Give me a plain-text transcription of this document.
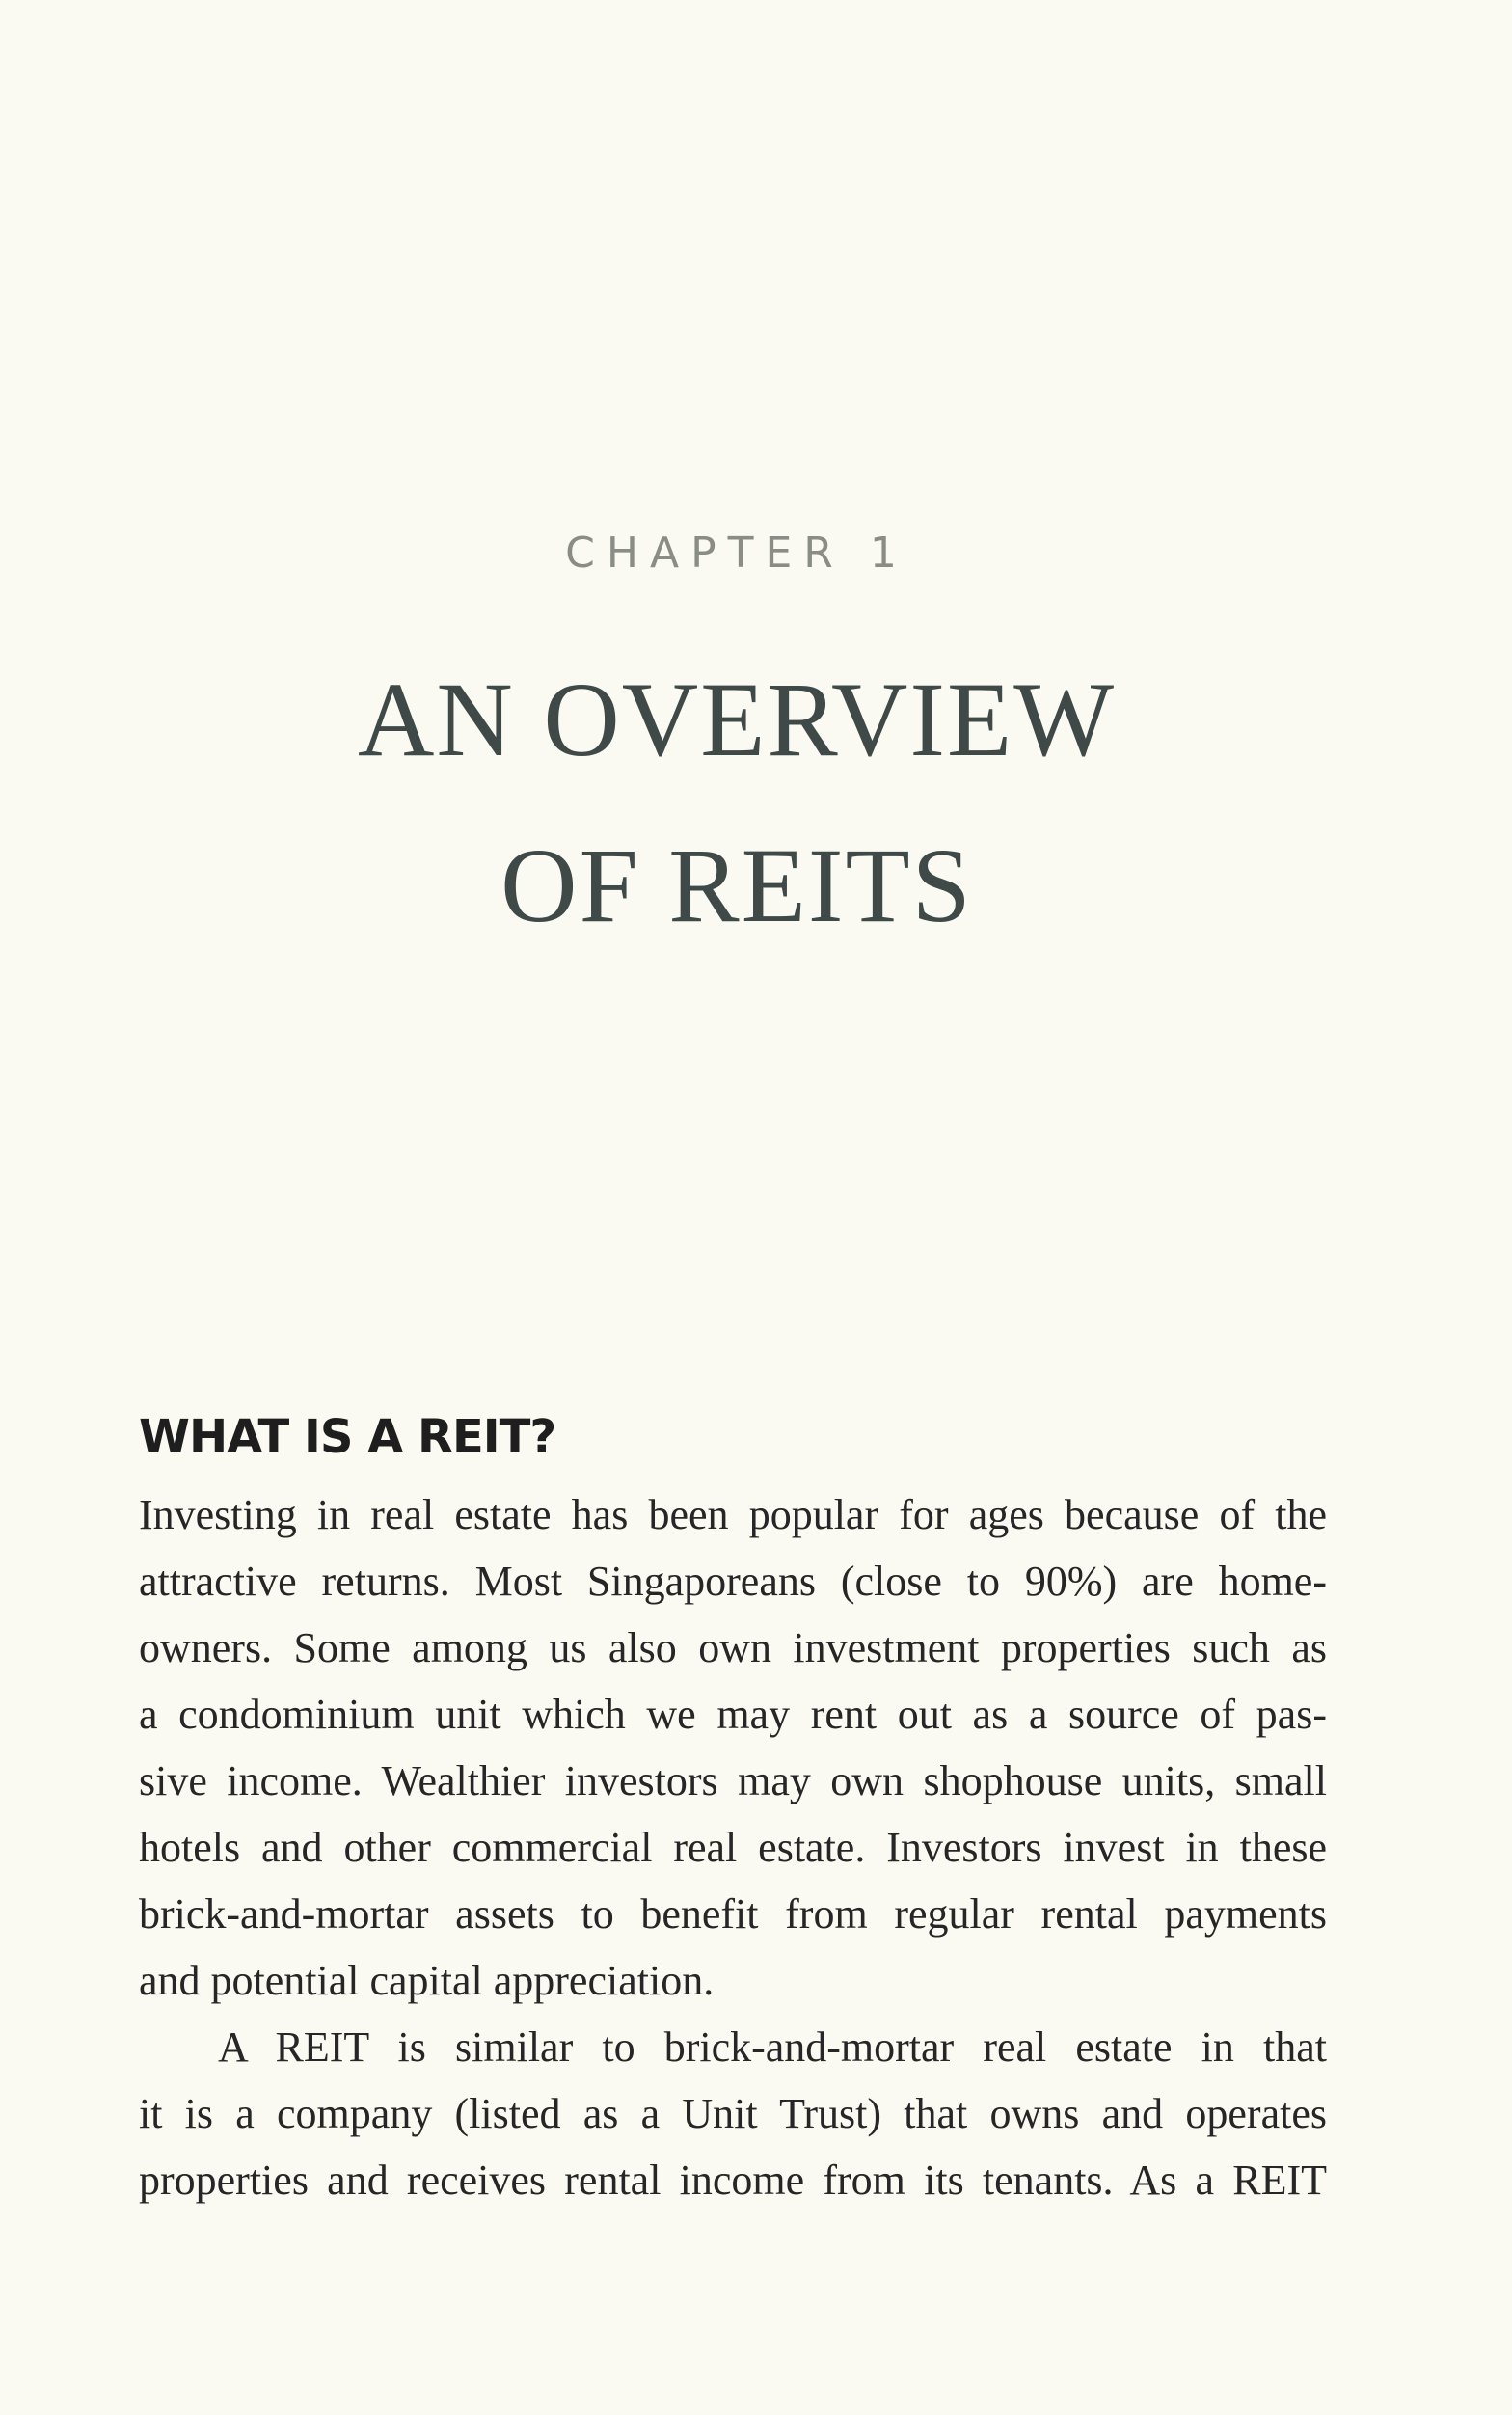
CHAPTER 1
AN OVERVIEW
OF REITS
WHAT IS A REIT?

Investing in real estate has been popular for ages because of the
attractive returns. Most Singaporeans (close to 90%) are home-
owners. Some among us also own investment properties such as
a condominium unit which we may rent out as a source of pas-
sive income. Wealthier investors may own shophouse units, small
hotels and other commercial real estate. Investors invest in these
brick-and-mortar assets to benefit from regular rental payments
and potential capital appreciation.

A REIT is similar to brick-and-mortar real estate in that
it is a company (listed as a Unit Trust) that owns and operates
properties and receives rental income from its tenants. As a REIT
